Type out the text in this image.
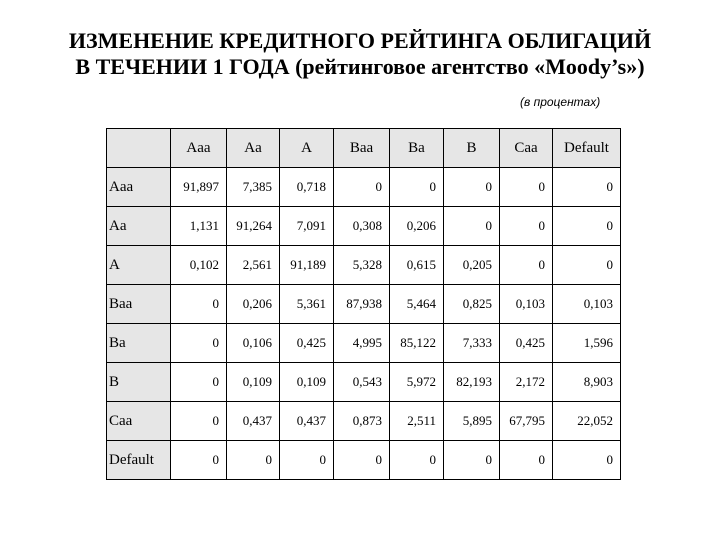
ИЗМЕНЕНИЕ КРЕДИТНОГО РЕЙТИНГА ОБЛИГАЦИЙ
В ТЕЧЕНИИ 1 ГОДА (рейтинговое агентство «Moody’s»)
(в процентах)
	Aaa	Aa	A	Baa	Ba	B	Caa	Default
Aaa	91,897	7,385	0,718	0	0	0	0	0
Aa	1,131	91,264	7,091	0,308	0,206	0	0	0
A	0,102	2,561	91,189	5,328	0,615	0,205	0	0
Baa	0	0,206	5,361	87,938	5,464	0,825	0,103	0,103
Ba	0	0,106	0,425	4,995	85,122	7,333	0,425	1,596
B	0	0,109	0,109	0,543	5,972	82,193	2,172	8,903
Caa	0	0,437	0,437	0,873	2,511	5,895	67,795	22,052
Default	0	0	0	0	0	0	0	0
